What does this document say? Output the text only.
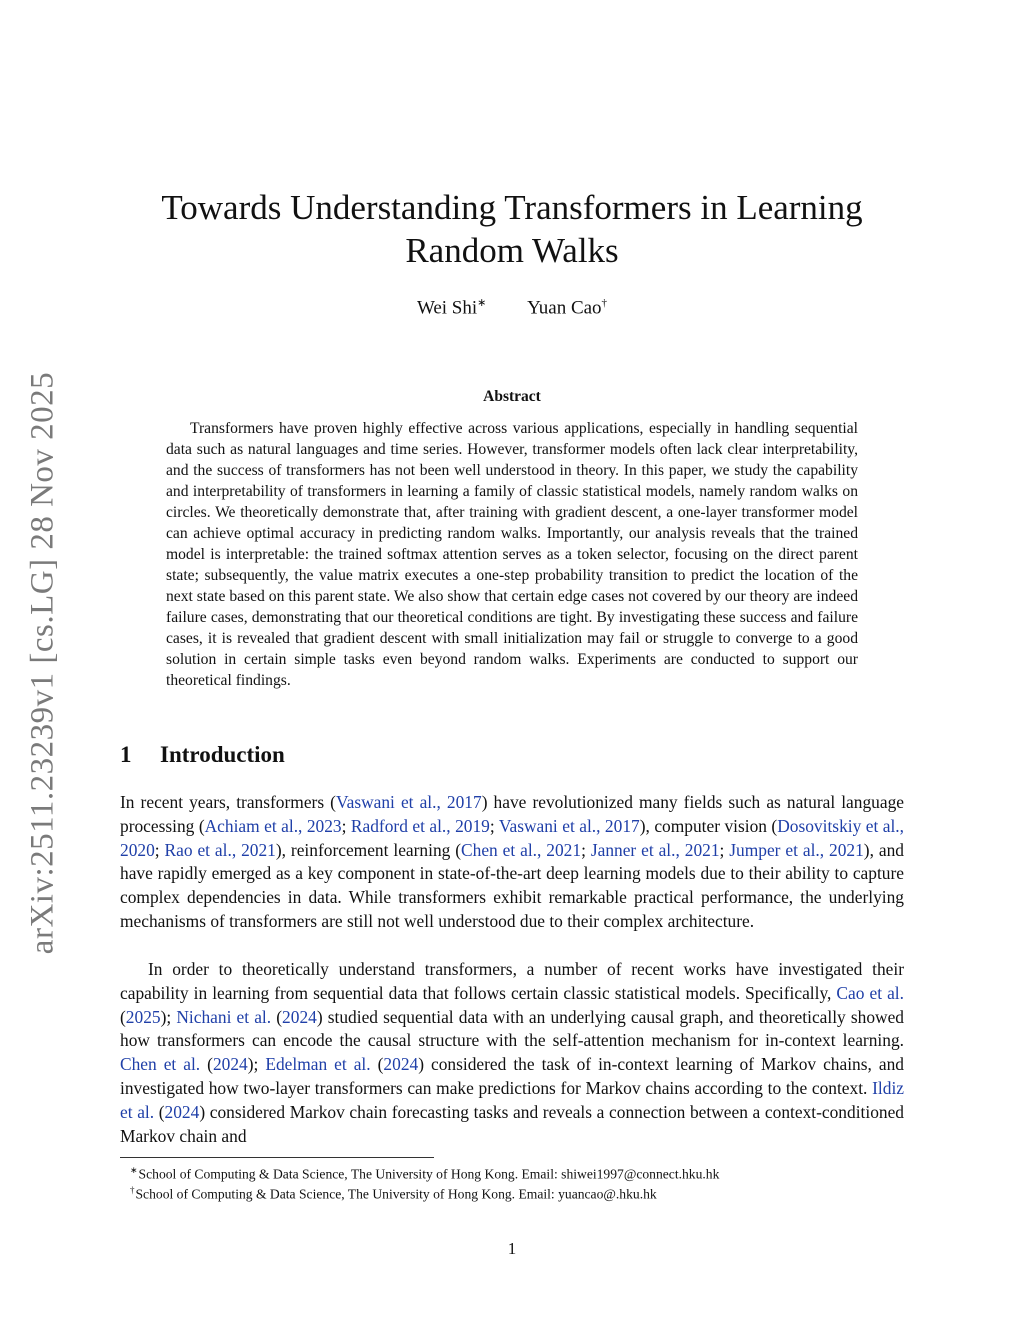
arXiv:2511.23239v1 [cs.LG] 28 Nov 2025
Towards Understanding Transformers in Learning
Random Walks
Wei Shi∗ Yuan Cao†
Abstract

Transformers have proven highly effective across various applications, especially in handling sequential data such as natural languages and time series. However, transformer models often lack clear interpretability, and the success of transformers has not been well understood in theory. In this paper, we study the capability and interpretability of transformers in learning a family of classic statistical models, namely random walks on circles. We theoretically demonstrate that, after training with gradient descent, a one-layer transformer model can achieve optimal accuracy in predicting random walks. Importantly, our analysis reveals that the trained model is interpretable: the trained softmax attention serves as a token selector, focusing on the direct parent state; subsequently, the value matrix executes a one-step probability transition to predict the location of the next state based on this parent state. We also show that certain edge cases not covered by our theory are indeed failure cases, demonstrating that our theoretical conditions are tight. By investigating these success and failure cases, it is revealed that gradient descent with small initialization may fail or struggle to converge to a good solution in certain simple tasks even beyond random walks. Experiments are conducted to support our theoretical findings.

1 Introduction

In recent years, transformers (Vaswani et al., 2017) have revolutionized many fields such as natural language processing (Achiam et al., 2023; Radford et al., 2019; Vaswani et al., 2017), computer vision (Dosovitskiy et al., 2020; Rao et al., 2021), reinforcement learning (Chen et al., 2021; Janner et al., 2021; Jumper et al., 2021), and have rapidly emerged as a key component in state-of-the-art deep learning models due to their ability to capture complex dependencies in data. While transformers exhibit remarkable practical performance, the underlying mechanisms of transformers are still not well understood due to their complex architecture.

In order to theoretically understand transformers, a number of recent works have investigated their capability in learning from sequential data that follows certain classic statistical models. Specifically, Cao et al. (2025); Nichani et al. (2024) studied sequential data with an underlying causal graph, and theoretically showed how transformers can encode the causal structure with the self-attention mechanism for in-context learning. Chen et al. (2024); Edelman et al. (2024) considered the task of in-context learning of Markov chains, and investigated how two-layer transformers can make predictions for Markov chains according to the context. Ildiz et al. (2024) considered Markov chain forecasting tasks and reveals a connection between a context-conditioned Markov chain and

∗School of Computing & Data Science, The University of Hong Kong. Email: shiwei1997@connect.hku.hk
†School of Computing & Data Science, The University of Hong Kong. Email: yuancao@.hku.hk
1
